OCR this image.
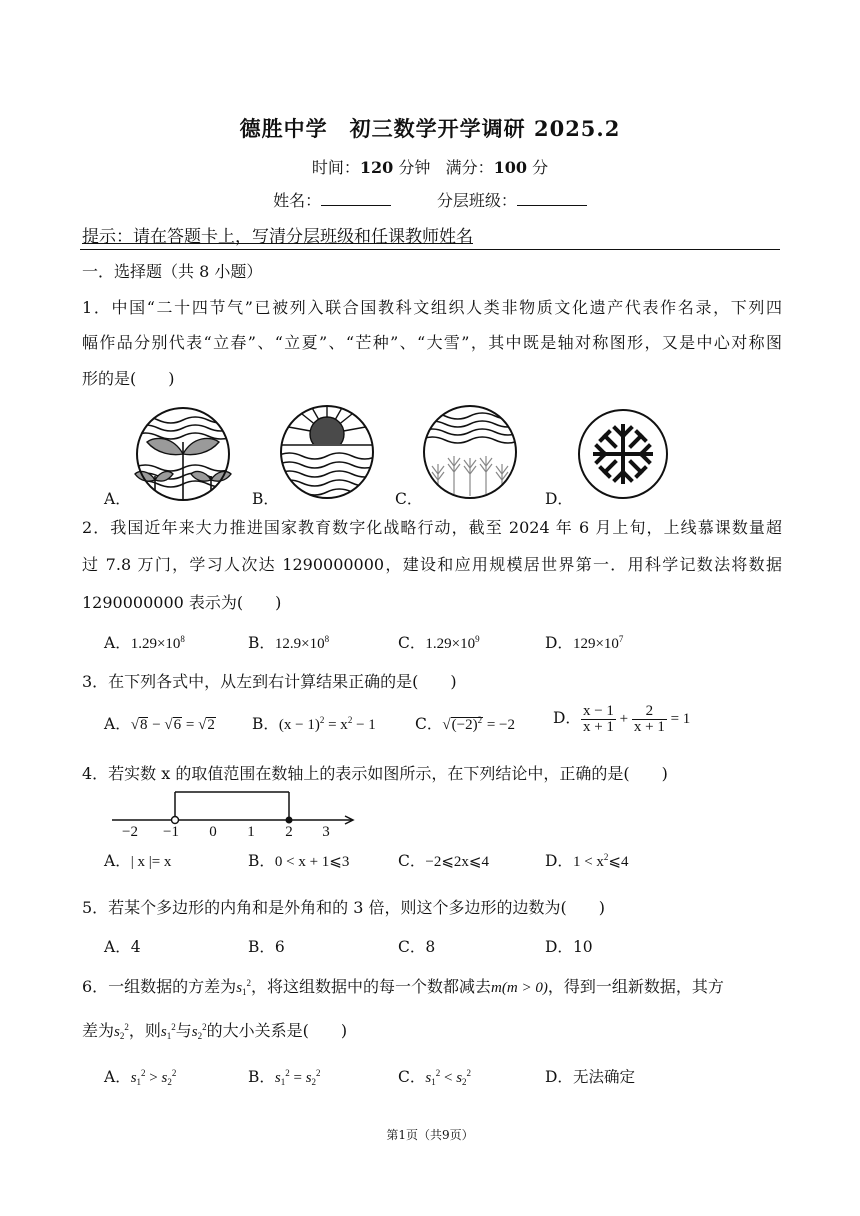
德胜中学　初三数学开学调研 2025.2
时间：120 分钟 满分：100 分
姓名：	分层班级：
提示：请在答题卡上，写清分层班级和任课教师姓名
一．选择题（共 8 小题）
1．中国“二十四节气”已被列入联合国教科文组织人类非物质文化遗产代表作名录，下列四
幅作品分别代表“立春”、“立夏”、“芒种”、“大雪”，其中既是轴对称图形，又是中心对称图
形的是(　　)
A．	B．	C．	D．
2．我国近年来大力推进国家教育数字化战略行动，截至 2024 年 6 月上旬，上线慕课数量超
过 7.8 万门，学习人次达 1290000000，建设和应用规模居世界第一．用科学记数法将数据
1290000000 表示为(　　)
A．$1.29\times 10^8$	B．$12.9\times 10^8$	C．$1.29\times 10^9$	D．$129\times 10^7$
3．在下列各式中，从左到右计算结果正确的是(　　)
A．√8 − √6 = √2 B．$(x - 1)^2 = x^2 - 1$	C．$√(-2)^2 = -2$ D． $\frac{x - 1}{x + 1} + \frac{2}{x + 1} = 1$
4．若实数 x 的取值范围在数轴上的表示如图所示，在下列结论中，正确的是(　　)
−2 −1 0 1 2 3
A．| x |= x	B．0 < x + 1⩽3	C．−2⩽2x⩽4	D．$1 < x^2⩽4$
5．若某个多边形的内角和是外角和的 3 倍，则这个多边形的边数为(　　)
A．4	B．6	C．8	D．10
6．一组数据的方差为$s_1^2$，将这组数据中的每一个数都减去m(m > 0)，得到一组新数据，其方
差为$s_2^2$，则$s_1^2$与$s_2^2$的大小关系是(　　)
A．$s_1^2 > s_2^2$	B．$s_1^2 = s_2^2$	C．$s_1^2 < s_2^2$	D．无法确定
第1页（共9页）
